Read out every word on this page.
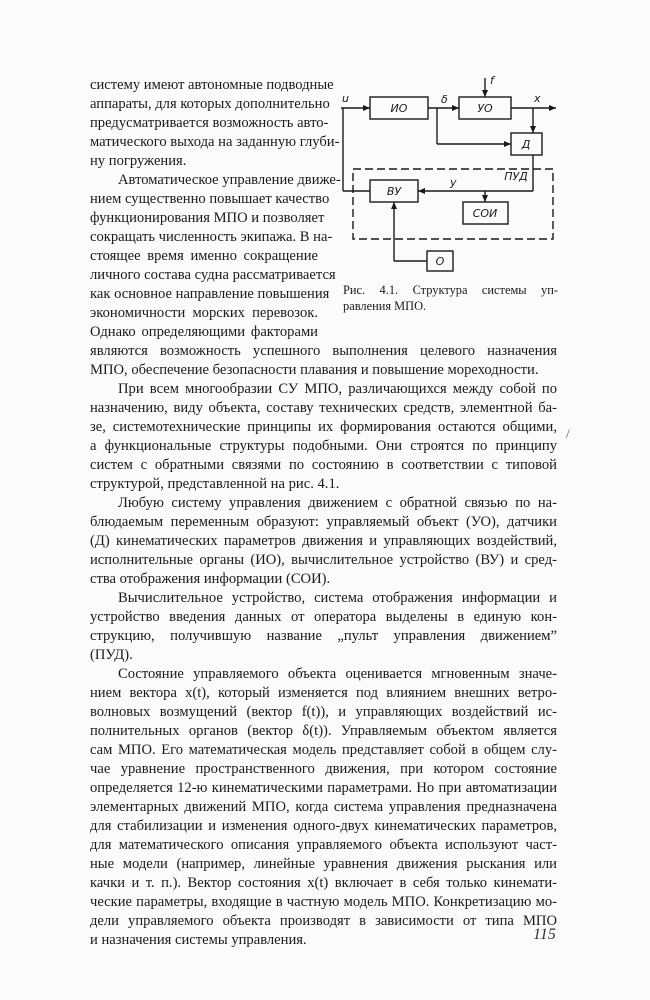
ИО	УО
Д
ВУ
СОИ
О
ПУД
u	δ
f
x
у
Рис. 4.1. Структура системы уп-
равления МПО.
систему имеют автономные подводные
аппараты, для которых дополнительно
предусматривается возможность авто-
матического выхода на заданную глуби-
ну погружения.
Автоматическое управление движе-
нием существенно повышает качество
функционирования МПО и позволяет
сокращать численность экипажа. В на-
стоящее время именно сокращение
личного состава судна рассматривается
как основное направление повышения
экономичности морских перевозок.
Однако определяющими факторами
являются возможность успешного выполнения целевого назначения
МПО, обеспечение безопасности плавания и повышение мореходности.
При всем многообразии СУ МПО, различающихся между собой по
назначению, виду объекта, составу технических средств, элементной ба-
зе, системотехнические принципы их формирования остаются общими,
а функциональные структуры подобными. Они строятся по принципу
систем с обратными связями по состоянию в соответствии с типовой
структурой, представленной на рис. 4.1.
Любую систему управления движением с обратной связью по на-
блюдаемым переменным образуют: управляемый объект (УО), датчики
(Д) кинематических параметров движения и управляющих воздействий,
исполнительные органы (ИО), вычислительное устройство (ВУ) и сред-
ства отображения информации (СОИ).
Вычислительное устройство, система отображения информации и
устройство введения данных от оператора выделены в единую кон-
струкцию, получившую название „пульт управления движением”
(ПУД).
Состояние управляемого объекта оценивается мгновенным значе-
нием вектора x(t), который изменяется под влиянием внешних ветро-
волновых возмущений (вектор f(t)), и управляющих воздействий ис-
полнительных органов (вектор δ(t)). Управляемым объектом является
сам МПО. Его математическая модель представляет собой в общем слу-
чае уравнение пространственного движения, при котором состояние
определяется 12-ю кинематическими параметрами. Но при автоматизации
элементарных движений МПО, когда система управления предназначена
для стабилизации и изменения одного-двух кинематических параметров,
для математического описания управляемого объекта используют част-
ные модели (например, линейные уравнения движения рыскания или
качки и т. п.). Вектор состояния x(t) включает в себя только кинемати-
ческие параметры, входящие в частную модель МПО. Конкретизацию мо-
дели управляемого объекта производят в зависимости от типа МПО
и назначения системы управления.
/
115
